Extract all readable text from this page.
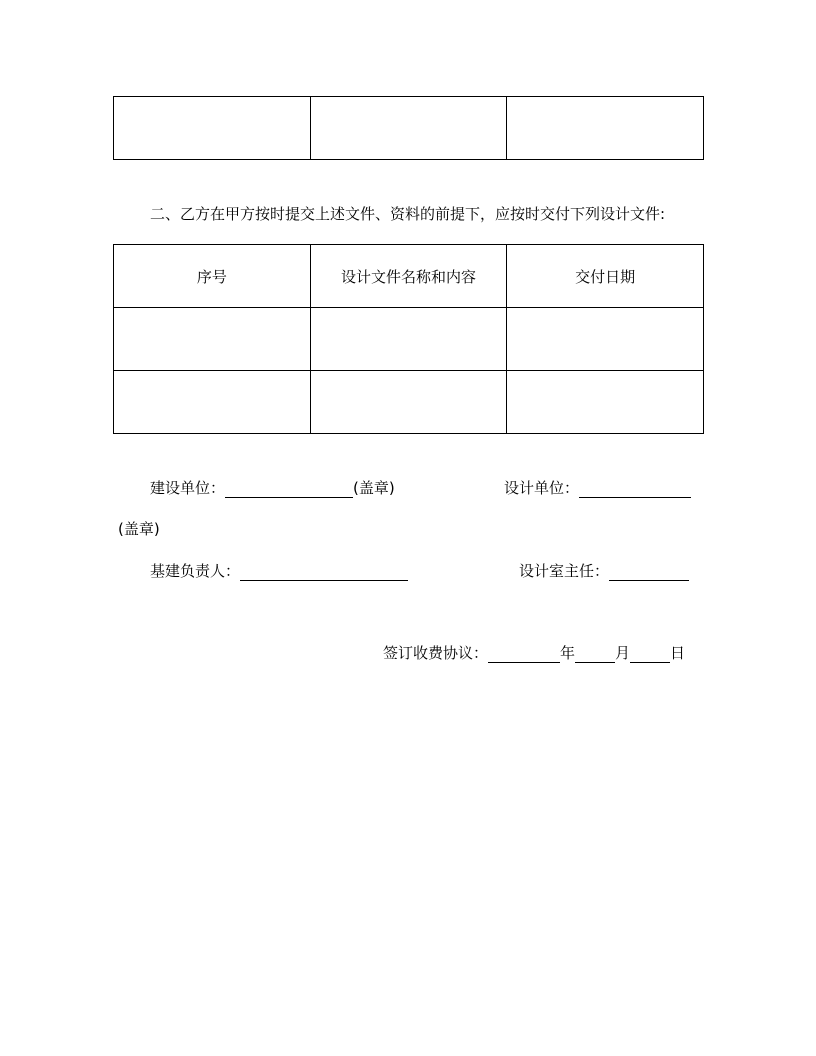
二、乙方在甲方按时提交上述文件、资料的前提下，应按时交付下列设计文件:
序号	设计文件名称和内容	交付日期

建设单位：	(盖章)	设计单位：
(盖章)
基建负责人：	设计室主任：
签订收费协议：	年	月	日
